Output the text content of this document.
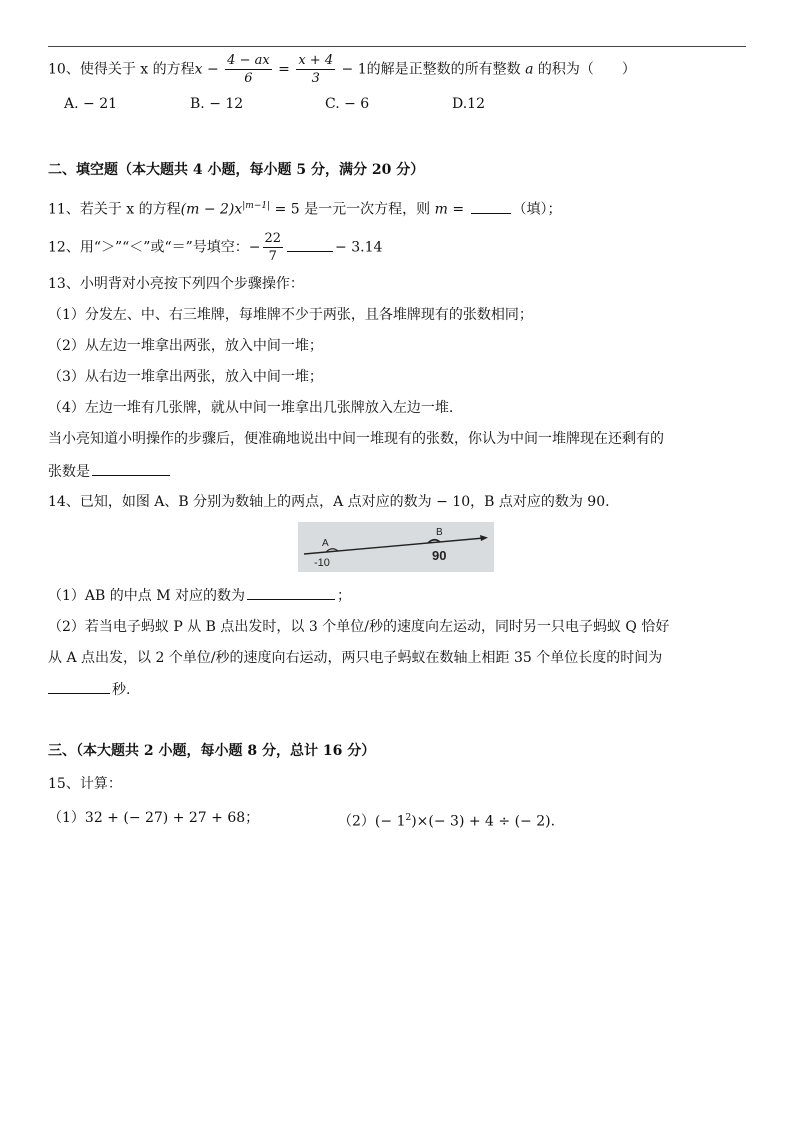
10、使得关于 x 的方程$x - \frac{4 - ax}{6} = \frac{x + 4}{3} - 1$的解是正整数的所有整数 a 的积为（　　）
A. − 21	B. − 12	C. − 6	D.12
二、填空题（本大题共 4 小题，每小题 5 分，满分 20 分）
11、若关于 x 的方程$(m - 2)x^{|m-1|} = 5$ 是一元一次方程，则 m =	（填）；
12、用“＞”“＜”或“＝”号填空：− $\frac{22}{7}$	− 3.14
13、小明背对小亮按下列四个步骤操作：
（1）分发左、中、右三堆牌，每堆牌不少于两张，且各堆牌现有的张数相同；
（2）从左边一堆拿出两张，放入中间一堆；
（3）从右边一堆拿出两张，放入中间一堆；
（4）左边一堆有几张牌，就从中间一堆拿出几张牌放入左边一堆.
当小亮知道小明操作的步骤后，便准确地说出中间一堆现有的张数，你认为中间一堆牌现在还剩有的
张数是
14、已知，如图 A、B 分别为数轴上的两点，A 点对应的数为 − 10，B 点对应的数为 90.
A
B
-10	90
（1）AB 的中点 M 对应的数为	；
（2）若当电子蚂蚁 P 从 B 点出发时，以 3 个单位/秒的速度向左运动，同时另一只电子蚂蚁 Q 恰好
从 A 点出发，以 2 个单位/秒的速度向右运动，两只电子蚂蚁在数轴上相距 35 个单位长度的时间为
秒.
三、（本大题共 2 小题，每小题 8 分，总计 16 分）
15、计算：
（1）32 + (− 27) + 27 + 68；	$(2)(- 1^2)\times(- 3) + 4$ ÷ (− 2).
